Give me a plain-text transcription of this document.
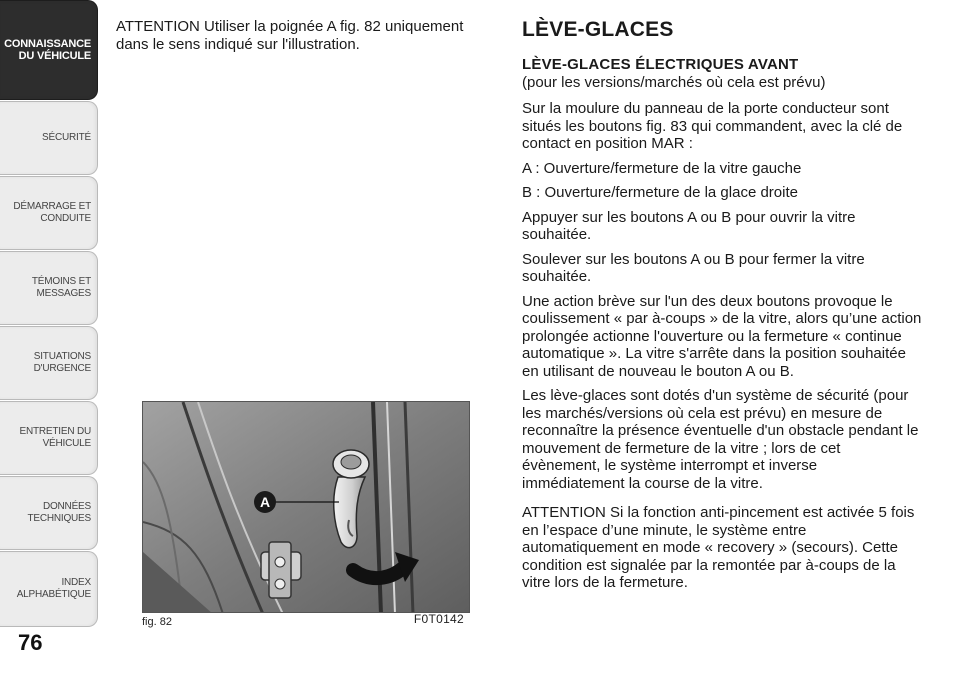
CONNAISSANCE
DU VÉHICULE
SÉCURITÉ
DÉMARRAGE ET
CONDUITE
TÉMOINS ET
MESSAGES
SITUATIONS
D'URGENCE
ENTRETIEN DU
VÉHICULE
DONNÉES
TECHNIQUES
INDEX
ALPHABÉTIQUE
76

ATTENTION Utiliser la poignée A fig. 82 uniquement dans le sens indiqué sur l'illustration.

A
fig. 82	F0T0142
LÈVE-GLACES
LÈVE-GLACES ÉLECTRIQUES AVANT

(pour les versions/marchés où cela est prévu)

Sur la moulure du panneau de la porte conducteur sont situés les boutons fig. 83 qui commandent, avec la clé de contact en position MAR :

A : Ouverture/fermeture de la vitre gauche

B : Ouverture/fermeture de la glace droite

Appuyer sur les boutons A ou B pour ouvrir la vitre souhaitée.

Soulever sur les boutons A ou B pour fermer la vitre souhaitée.

Une action brève sur l'un des deux boutons provoque le coulissement « par à-coups » de la vitre, alors qu’une action prolongée actionne l'ouverture ou la fermeture « continue automatique ». La vitre s'arrête dans la position souhaitée en utilisant de nouveau le bouton A ou B.

Les lève-glaces sont dotés d'un système de sécurité (pour les marchés/versions où cela est prévu) en mesure de reconnaître la présence éventuelle d'un obstacle pendant le mouvement de fermeture de la vitre ; lors de cet évènement, le système interrompt et inverse immédiatement la course de la vitre.

ATTENTION Si la fonction anti-pincement est activée 5 fois en l’espace d’une minute, le système entre automatiquement en mode « recovery » (secours). Cette condition est signalée par la remontée par à-coups de la vitre lors de la fermeture.
